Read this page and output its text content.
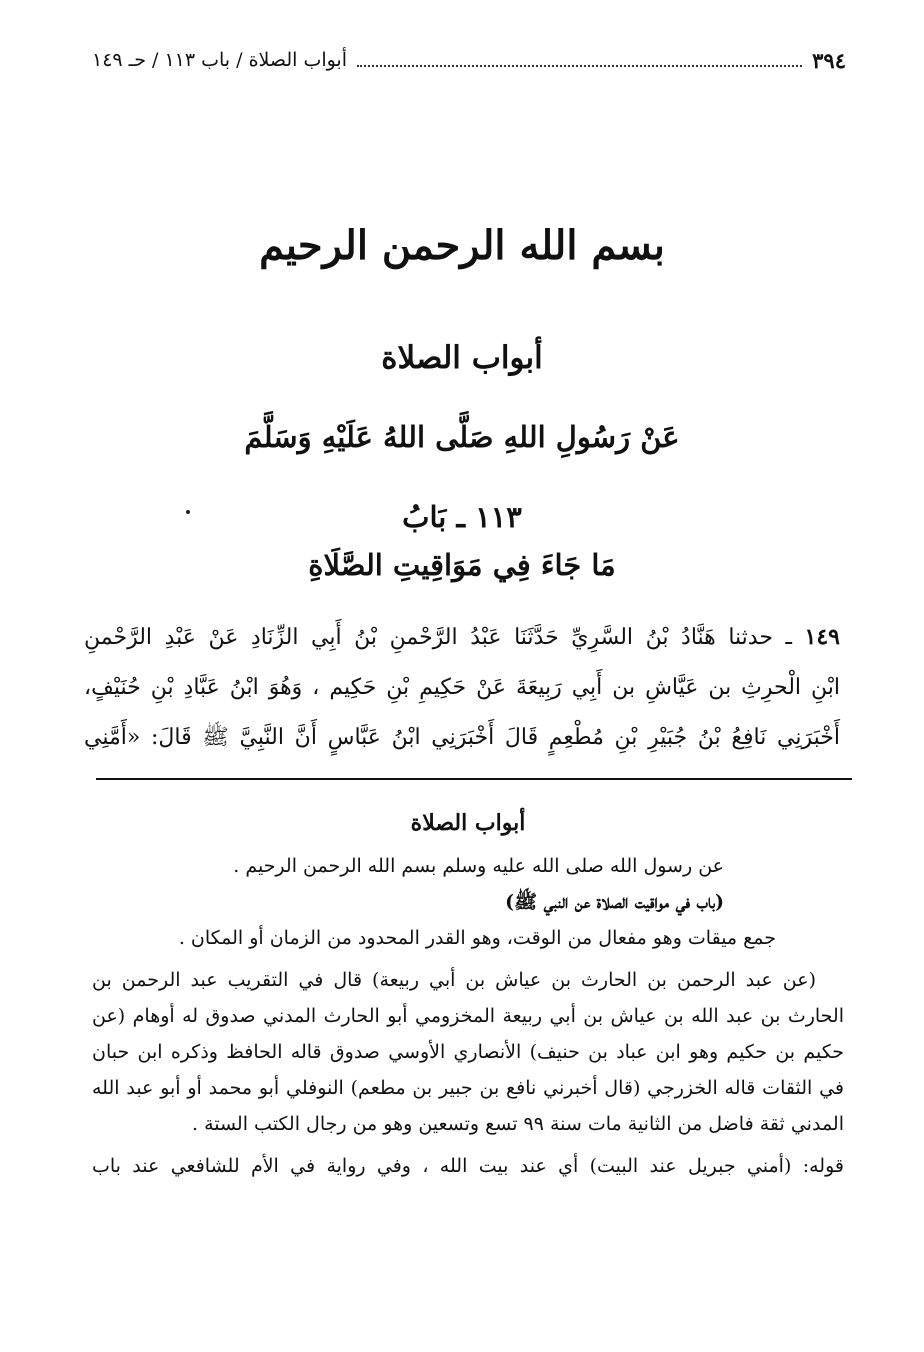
٣٩٤
أبواب الصلاة / باب ١١٣ / حـ ١٤٩
بسم الله الرحمن الرحيم
أبواب الصلاة
عَنْ رَسُولِ اللهِ صَلَّى اللهُ عَلَيْهِ وَسَلَّمَ
١١٣ ـ بَابُ
مَا جَاءَ فِي مَوَاقِيتِ الصَّلَاةِ
١٤٩ ـ حدثنا هَنَّادُ بْنُ السَّرِيِّ حَدَّثَنَا عَبْدُ الرَّحْمنِ بْنُ أَبِي الزِّنَادِ عَنْ عَبْدِ الرَّحْمنِ
ابْنِ الْحرِثِ بن عَيَّاشِ بن أَبِي رَبِيعَةَ عَنْ حَكِيمِ بْنِ حَكِيم ، وَهُوَ ابْنُ عَبَّادِ بْنِ حُنَيْفٍ،
أَخْبَرَنِي نَافِعُ بْنُ جُبَيْرِ بْنِ مُطْعِمٍ قَالَ أَخْبَرَنِي ابْنُ عَبَّاسٍ أَنَّ النَّبِيَّ ﷺ قَالَ: «أَمَّنِي
أبواب الصلاة
عن رسول الله صلى الله عليه وسلم بسم الله الرحمن الرحيم .
(باب في مواقيت الصلاة عن النبي ﷺ)
جمع ميقات وهو مفعال من الوقت، وهو القدر المحدود من الزمان أو المكان .
(عن عبد الرحمن بن الحارث بن عياش بن أبي ربيعة) قال في التقريب عبد الرحمن بن
الحارث بن عبد الله بن عياش بن أبي ربيعة المخزومي أبو الحارث المدني صدوق له أوهام (عن
حكيم بن حكيم وهو ابن عباد بن حنيف) الأنصاري الأوسي صدوق قاله الحافظ وذكره ابن حبان
في الثقات قاله الخزرجي (قال أخبرني نافع بن جبير بن مطعم) النوفلي أبو محمد أو أبو عبد الله
المدني ثقة فاضل من الثانية مات سنة ٩٩ تسع وتسعين وهو من رجال الكتب الستة .
قوله: (أمني جبريل عند البيت) أي عند بيت الله ، وفي رواية في الأم للشافعي عند باب
